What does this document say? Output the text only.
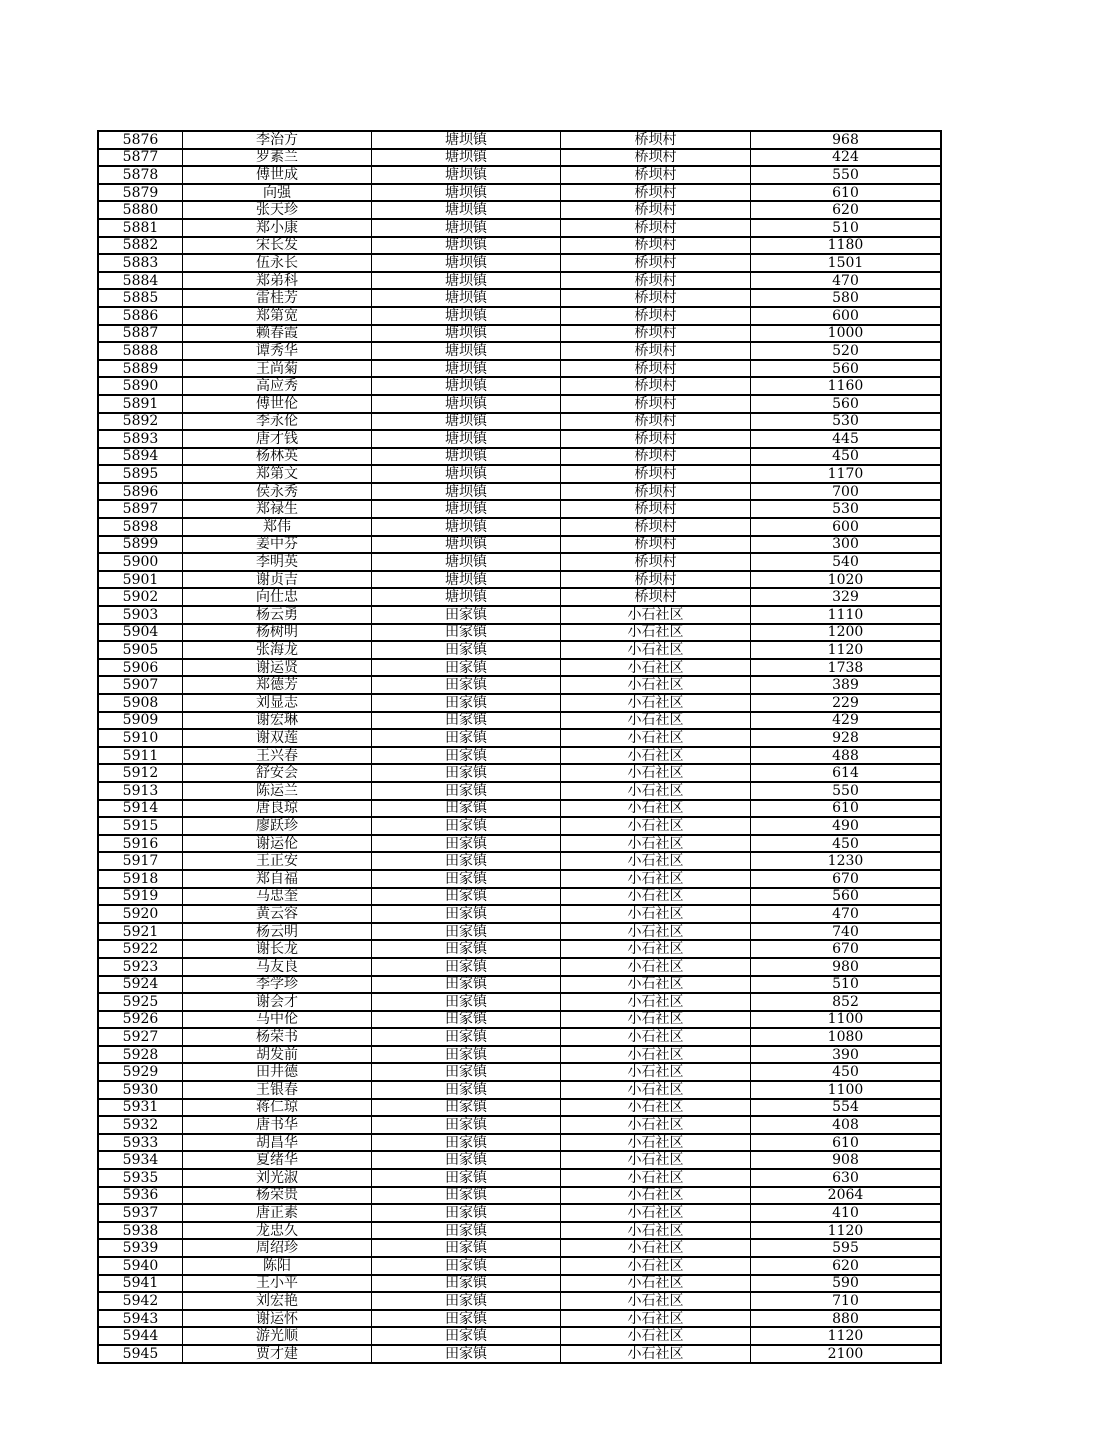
5876	李治方	塘坝镇	桥坝村	968
5877	罗素兰	塘坝镇	桥坝村	424
5878	傅世成	塘坝镇	桥坝村	550
5879	向强	塘坝镇	桥坝村	610
5880	张天珍	塘坝镇	桥坝村	620
5881	郑小康	塘坝镇	桥坝村	510
5882	宋长发	塘坝镇	桥坝村	1180
5883	伍永长	塘坝镇	桥坝村	1501
5884	郑弟科	塘坝镇	桥坝村	470
5885	雷桂芳	塘坝镇	桥坝村	580
5886	郑第宽	塘坝镇	桥坝村	600
5887	赖春霞	塘坝镇	桥坝村	1000
5888	谭秀华	塘坝镇	桥坝村	520
5889	王尚菊	塘坝镇	桥坝村	560
5890	高应秀	塘坝镇	桥坝村	1160
5891	傅世伦	塘坝镇	桥坝村	560
5892	李永伦	塘坝镇	桥坝村	530
5893	唐才钱	塘坝镇	桥坝村	445
5894	杨林英	塘坝镇	桥坝村	450
5895	郑第文	塘坝镇	桥坝村	1170
5896	侯永秀	塘坝镇	桥坝村	700
5897	郑禄生	塘坝镇	桥坝村	530
5898	郑伟	塘坝镇	桥坝村	600
5899	姜中芬	塘坝镇	桥坝村	300
5900	李明英	塘坝镇	桥坝村	540
5901	谢贞吉	塘坝镇	桥坝村	1020
5902	向仕忠	塘坝镇	桥坝村	329
5903	杨云勇	田家镇	小石社区	1110
5904	杨树明	田家镇	小石社区	1200
5905	张海龙	田家镇	小石社区	1120
5906	谢运贤	田家镇	小石社区	1738
5907	郑德芳	田家镇	小石社区	389
5908	刘显志	田家镇	小石社区	229
5909	谢宏琳	田家镇	小石社区	429
5910	谢双莲	田家镇	小石社区	928
5911	王兴春	田家镇	小石社区	488
5912	舒安会	田家镇	小石社区	614
5913	陈运兰	田家镇	小石社区	550
5914	唐良琼	田家镇	小石社区	610
5915	廖跃珍	田家镇	小石社区	490
5916	谢运伦	田家镇	小石社区	450
5917	王正安	田家镇	小石社区	1230
5918	郑自福	田家镇	小石社区	670
5919	马忠奎	田家镇	小石社区	560
5920	黄云容	田家镇	小石社区	470
5921	杨云明	田家镇	小石社区	740
5922	谢长龙	田家镇	小石社区	670
5923	马友良	田家镇	小石社区	980
5924	李学珍	田家镇	小石社区	510
5925	谢会才	田家镇	小石社区	852
5926	马中伦	田家镇	小石社区	1100
5927	杨荣书	田家镇	小石社区	1080
5928	胡发前	田家镇	小石社区	390
5929	田井德	田家镇	小石社区	450
5930	王银春	田家镇	小石社区	1100
5931	蒋仁琼	田家镇	小石社区	554
5932	唐书华	田家镇	小石社区	408
5933	胡昌华	田家镇	小石社区	610
5934	夏绪华	田家镇	小石社区	908
5935	刘光淑	田家镇	小石社区	630
5936	杨荣贵	田家镇	小石社区	2064
5937	唐正素	田家镇	小石社区	410
5938	龙忠久	田家镇	小石社区	1120
5939	周绍珍	田家镇	小石社区	595
5940	陈阳	田家镇	小石社区	620
5941	王小平	田家镇	小石社区	590
5942	刘宏艳	田家镇	小石社区	710
5943	谢运怀	田家镇	小石社区	880
5944	游光顺	田家镇	小石社区	1120
5945	贾才建	田家镇	小石社区	2100
